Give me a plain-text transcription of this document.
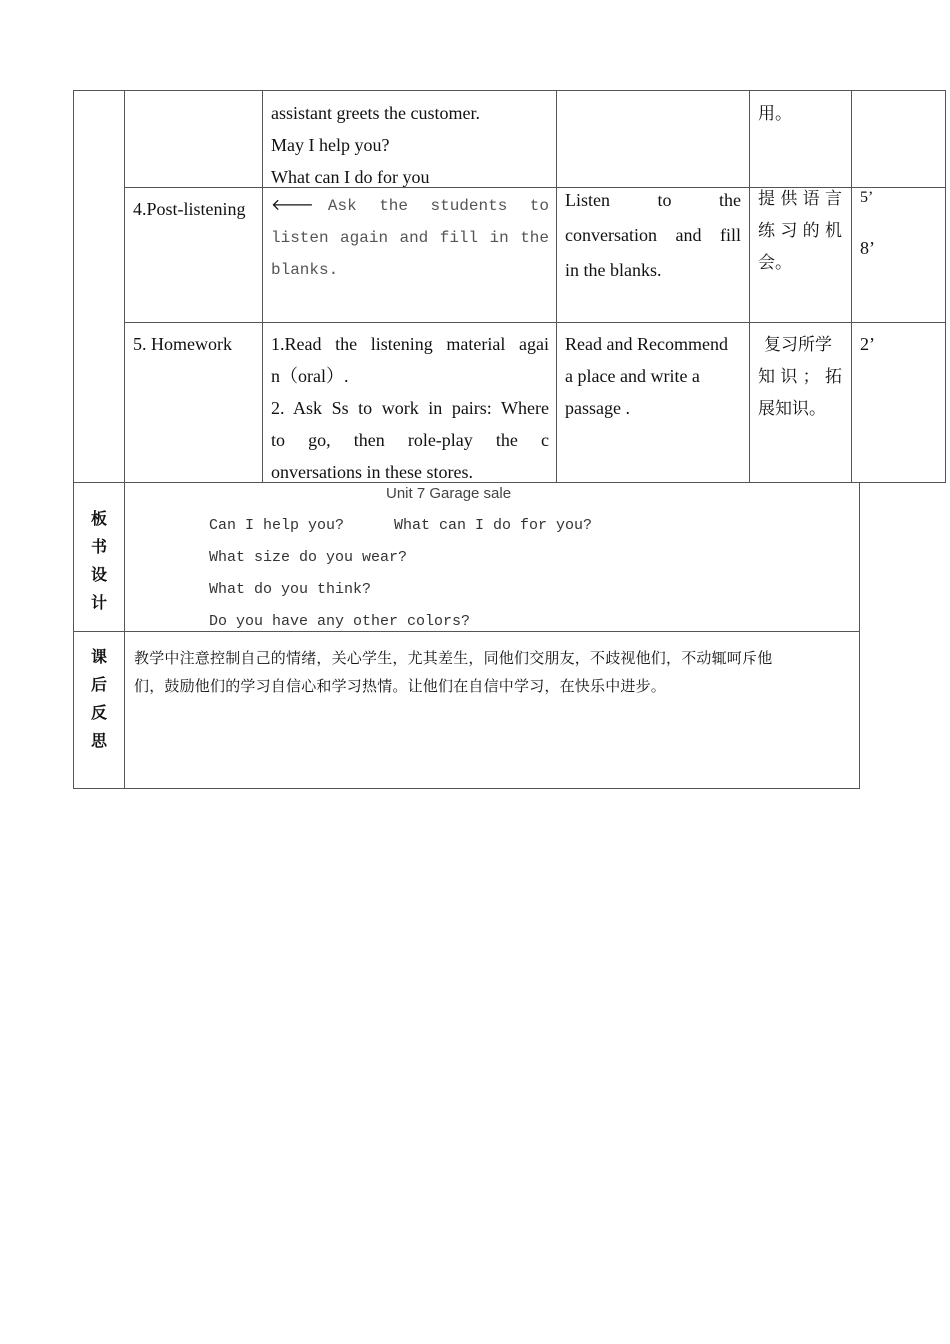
assistant greets the customer.
May I help you?
What can I do for you
用。
4.Post-listening 🡐 Ask the students to
listen again and fill in the
blanks.
Listen to the
conversation and fill
in the blanks.
提供语言
练习的机
会。
5’
8’
5. Homework 1.Read the listening material agai
n（oral）.
2. Ask Ss to work in pairs: Where
to go, then role-play the c
onversations in these stores.
Read and Recommend
a place and write a
passage .
复习所学
知识；拓
展知识。
2’
板
书
设
计
Unit 7 Garage sale
Can I help you?	What can I do for you?
What size do you wear?
What do you think?
Do you have any other colors?
课
后
反
思
教学中注意控制自己的情绪，关心学生，尤其差生，同他们交朋友，不歧视他们，不动辄呵斥他
们，鼓励他们的学习自信心和学习热情。让他们在自信中学习，在快乐中进步。
